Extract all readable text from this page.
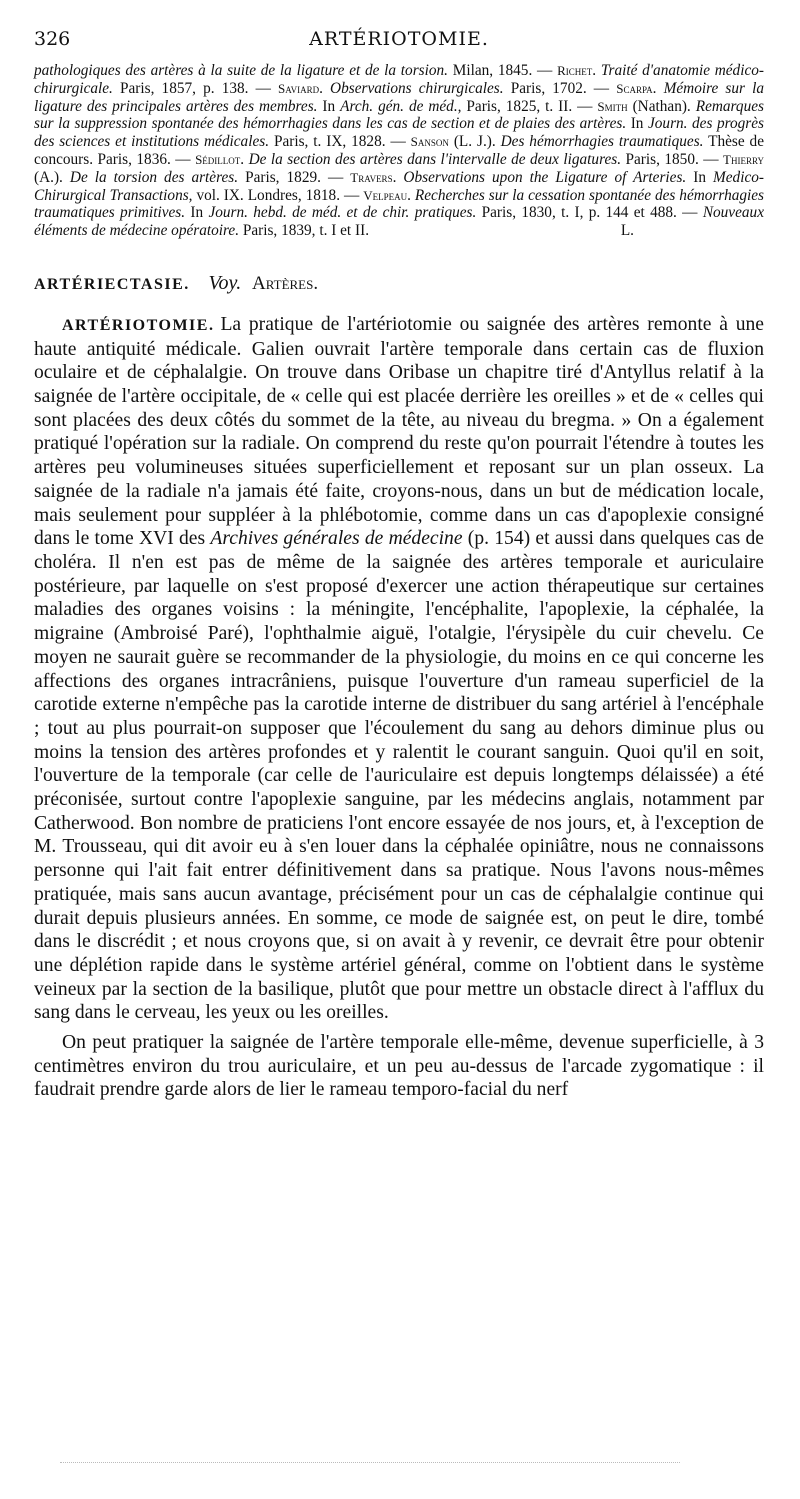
326	ARTÉRIOTOMIE.
pathologiques des artères à la suite de la ligature et de la torsion. Milan, 1845. — Richet. Traité d'anatomie médico-chirurgicale. Paris, 1857, p. 138. — Saviard. Observations chirurgicales. Paris, 1702. — Scarpa. Mémoire sur la ligature des principales artères des membres. In Arch. gén. de méd., Paris, 1825, t. II. — Smith (Nathan). Remarques sur la suppression spontanée des hémorrhagies dans les cas de section et de plaies des artères. In Journ. des progrès des sciences et institutions médicales. Paris, t. IX, 1828. — Sanson (L. J.). Des hémorrhagies traumatiques. Thèse de concours. Paris, 1836. — Sédillot. De la section des artères dans l'intervalle de deux ligatures. Paris, 1850. — Thierry (A.). De la torsion des artères. Paris, 1829. — Travers. Observations upon the Ligature of Arteries. In Medico-Chirurgical Transactions, vol. IX. Londres, 1818. — Velpeau. Recherches sur la cessation spontanée des hémorrhagies traumatiques primitives. In Journ. hebd. de méd. et de chir. pratiques. Paris, 1830, t. I, p. 144 et 488. — Nouveaux éléments de médecine opératoire. Paris, 1839, t. I et II.	L.
ARTÉRIECTASIE. Voy. Artères.

ARTÉRIOTOMIE. La pratique de l'artériotomie ou saignée des artères remonte à une haute antiquité médicale. Galien ouvrait l'artère temporale dans certain cas de fluxion oculaire et de céphalalgie. On trouve dans Oribase un chapitre tiré d'Antyllus relatif à la saignée de l'artère occipitale, de « celle qui est placée derrière les oreilles » et de « celles qui sont placées des deux côtés du sommet de la tête, au niveau du bregma. » On a également pratiqué l'opération sur la radiale. On comprend du reste qu'on pourrait l'étendre à toutes les artères peu volumineuses situées superficiellement et reposant sur un plan osseux. La saignée de la radiale n'a jamais été faite, croyons-nous, dans un but de médication locale, mais seulement pour suppléer à la phlébotomie, comme dans un cas d'apoplexie consigné dans le tome XVI des Archives générales de médecine (p. 154) et aussi dans quelques cas de choléra. Il n'en est pas de même de la saignée des artères temporale et auriculaire postérieure, par laquelle on s'est proposé d'exercer une action thérapeutique sur certaines maladies des organes voisins : la méningite, l'encéphalite, l'apoplexie, la céphalée, la migraine (Ambroisé Paré), l'ophthalmie aiguë, l'otalgie, l'érysipèle du cuir chevelu. Ce moyen ne saurait guère se recommander de la physiologie, du moins en ce qui concerne les affections des organes intracrâniens, puisque l'ouverture d'un rameau superficiel de la carotide externe n'empêche pas la carotide interne de distribuer du sang artériel à l'encéphale ; tout au plus pourrait-on supposer que l'écoulement du sang au dehors diminue plus ou moins la tension des artères profondes et y ralentit le courant sanguin. Quoi qu'il en soit, l'ouverture de la temporale (car celle de l'auriculaire est depuis longtemps délaissée) a été préconisée, surtout contre l'apoplexie sanguine, par les médecins anglais, notamment par Catherwood. Bon nombre de praticiens l'ont encore essayée de nos jours, et, à l'exception de M. Trousseau, qui dit avoir eu à s'en louer dans la céphalée opiniâtre, nous ne connaissons personne qui l'ait fait entrer définitivement dans sa pratique. Nous l'avons nous-mêmes pratiquée, mais sans aucun avantage, précisément pour un cas de céphalalgie continue qui durait depuis plusieurs années. En somme, ce mode de saignée est, on peut le dire, tombé dans le discrédit ; et nous croyons que, si on avait à y revenir, ce devrait être pour obtenir une déplétion rapide dans le système artériel général, comme on l'obtient dans le système veineux par la section de la basilique, plutôt que pour mettre un obstacle direct à l'afflux du sang dans le cerveau, les yeux ou les oreilles.

On peut pratiquer la saignée de l'artère temporale elle-même, devenue superficielle, à 3 centimètres environ du trou auriculaire, et un peu au-dessus de l'arcade zygomatique : il faudrait prendre garde alors de lier le rameau temporo-facial du nerf
